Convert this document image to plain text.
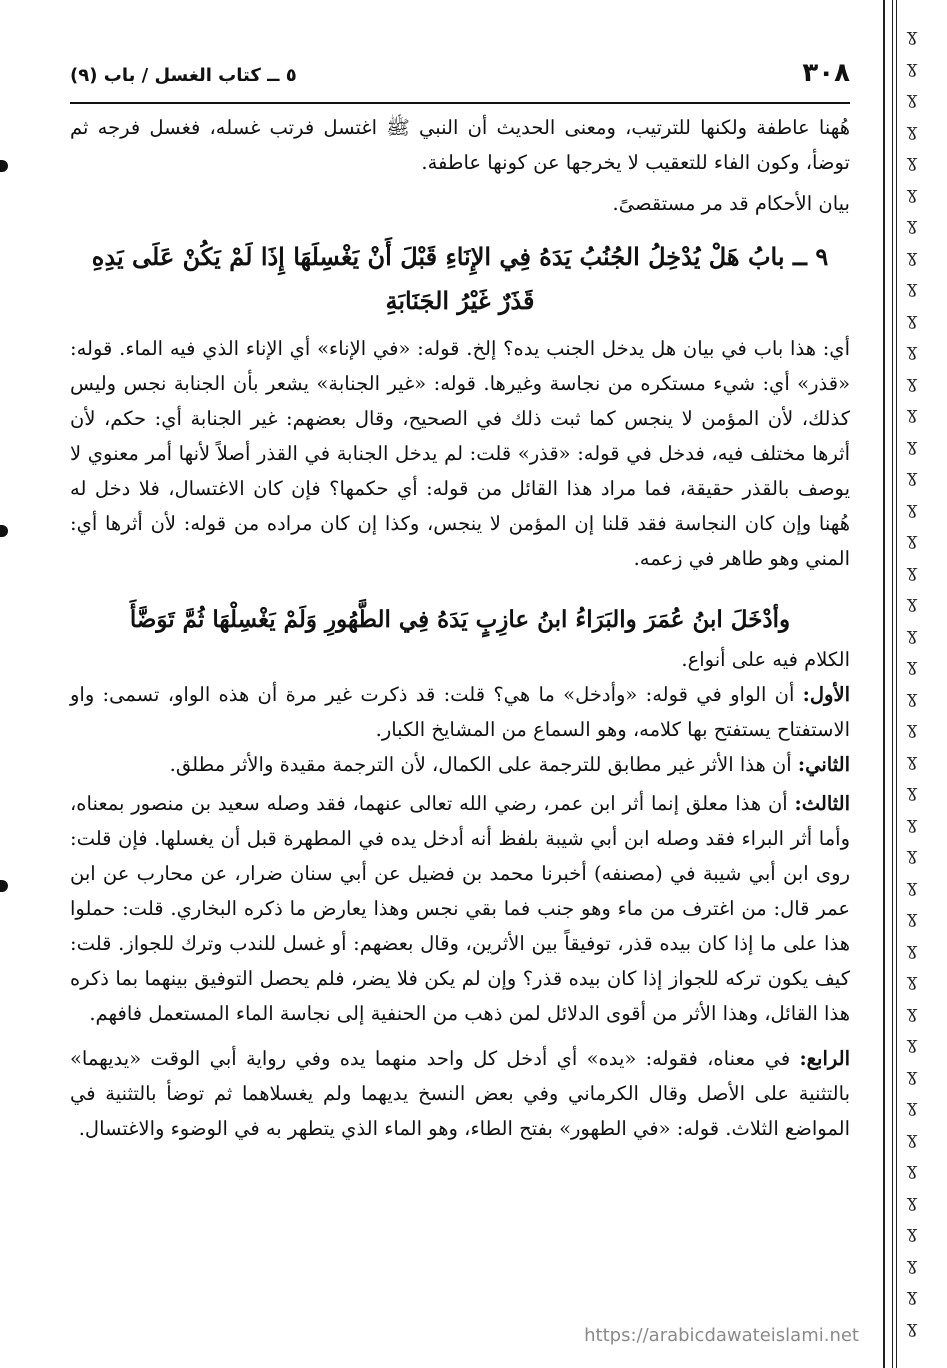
ɣ
ɣ
ɣ
ɣ
ɣ
ɣ
ɣ
ɣ
ɣ
ɣ
ɣ
ɣ
ɣ
ɣ
ɣ
ɣ
ɣ
ɣ
ɣ
ɣ
ɣ
ɣ
ɣ
ɣ
ɣ
ɣ
ɣ
ɣ
ɣ
ɣ
ɣ
ɣ
ɣ
ɣ
ɣ
ɣ
ɣ
ɣ
ɣ
ɣ
ɣ
ɣ
٣٠٨
٥ ــ كتاب الغسل / باب (٩)

هُهنا عاطفة ولكنها للترتيب، ومعنى الحديث أن النبي ﷺ اغتسل فرتب غسله، فغسل فرجه ثم توضأ، وكون الفاء للتعقيب لا يخرجها عن كونها عاطفة.

بيان الأحكام قد مر مستقصىً.

٩ ــ بابُ هَلْ يُدْخِلُ الجُنُبُ يَدَهُ فِي الإِنَاءِ قَبْلَ أَنْ يَغْسِلَهَا إِذَا لَمْ يَكُنْ عَلَى يَدِهِ قَذَرٌ غَيْرُ الجَنَابَةِ

أي: هذا باب في بيان هل يدخل الجنب يده؟ إلخ. قوله: «في الإناء» أي الإناء الذي فيه الماء. قوله: «قذر» أي: شيء مستكره من نجاسة وغيرها. قوله: «غير الجنابة» يشعر بأن الجنابة نجس وليس كذلك، لأن المؤمن لا ينجس كما ثبت ذلك في الصحيح، وقال بعضهم: غير الجنابة أي: حكم، لأن أثرها مختلف فيه، فدخل في قوله: «قذر» قلت: لم يدخل الجنابة في القذر أصلاً لأنها أمر معنوي لا يوصف بالقذر حقيقة، فما مراد هذا القائل من قوله: أي حكمها؟ فإن كان الاغتسال، فلا دخل له هُهنا وإن كان النجاسة فقد قلنا إن المؤمن لا ينجس، وكذا إن كان مراده من قوله: لأن أثرها أي: المني وهو طاهر في زعمه.

وأدْخَلَ ابنُ عُمَرَ والبَرَاءُ ابنُ عازِبٍ يَدَهُ فِي الطَّهُورِ وَلَمْ يَغْسِلْهَا ثُمَّ تَوَضَّأَ

الكلام فيه على أنواع.

الأول: أن الواو في قوله: «وأدخل» ما هي؟ قلت: قد ذكرت غير مرة أن هذه الواو، تسمى: واو الاستفتاح يستفتح بها كلامه، وهو السماع من المشايخ الكبار.

الثاني: أن هذا الأثر غير مطابق للترجمة على الكمال، لأن الترجمة مقيدة والأثر مطلق.

الثالث: أن هذا معلق إنما أثر ابن عمر، رضي الله تعالى عنهما، فقد وصله سعيد بن منصور بمعناه، وأما أثر البراء فقد وصله ابن أبي شيبة بلفظ أنه أدخل يده في المطهرة قبل أن يغسلها. فإن قلت: روى ابن أبي شيبة في (مصنفه) أخبرنا محمد بن فضيل عن أبي سنان ضرار، عن محارب عن ابن عمر قال: من اغترف من ماء وهو جنب فما بقي نجس وهذا يعارض ما ذكره البخاري. قلت: حملوا هذا على ما إذا كان بيده قذر، توفيقاً بين الأثرين، وقال بعضهم: أو غسل للندب وترك للجواز. قلت: كيف يكون تركه للجواز إذا كان بيده قذر؟ وإن لم يكن فلا يضر، فلم يحصل التوفيق بينهما بما ذكره هذا القائل، وهذا الأثر من أقوى الدلائل لمن ذهب من الحنفية إلى نجاسة الماء المستعمل فافهم.

الرابع: في معناه، فقوله: «يده» أي أدخل كل واحد منهما يده وفي رواية أبي الوقت «يديهما» بالتثنية على الأصل وقال الكرماني وفي بعض النسخ يديهما ولم يغسلاهما ثم توضأ بالتثنية في المواضع الثلاث. قوله: «في الطهور» بفتح الطاء، وهو الماء الذي يتطهر به في الوضوء والاغتسال.

https://arabicdawateislami.net
